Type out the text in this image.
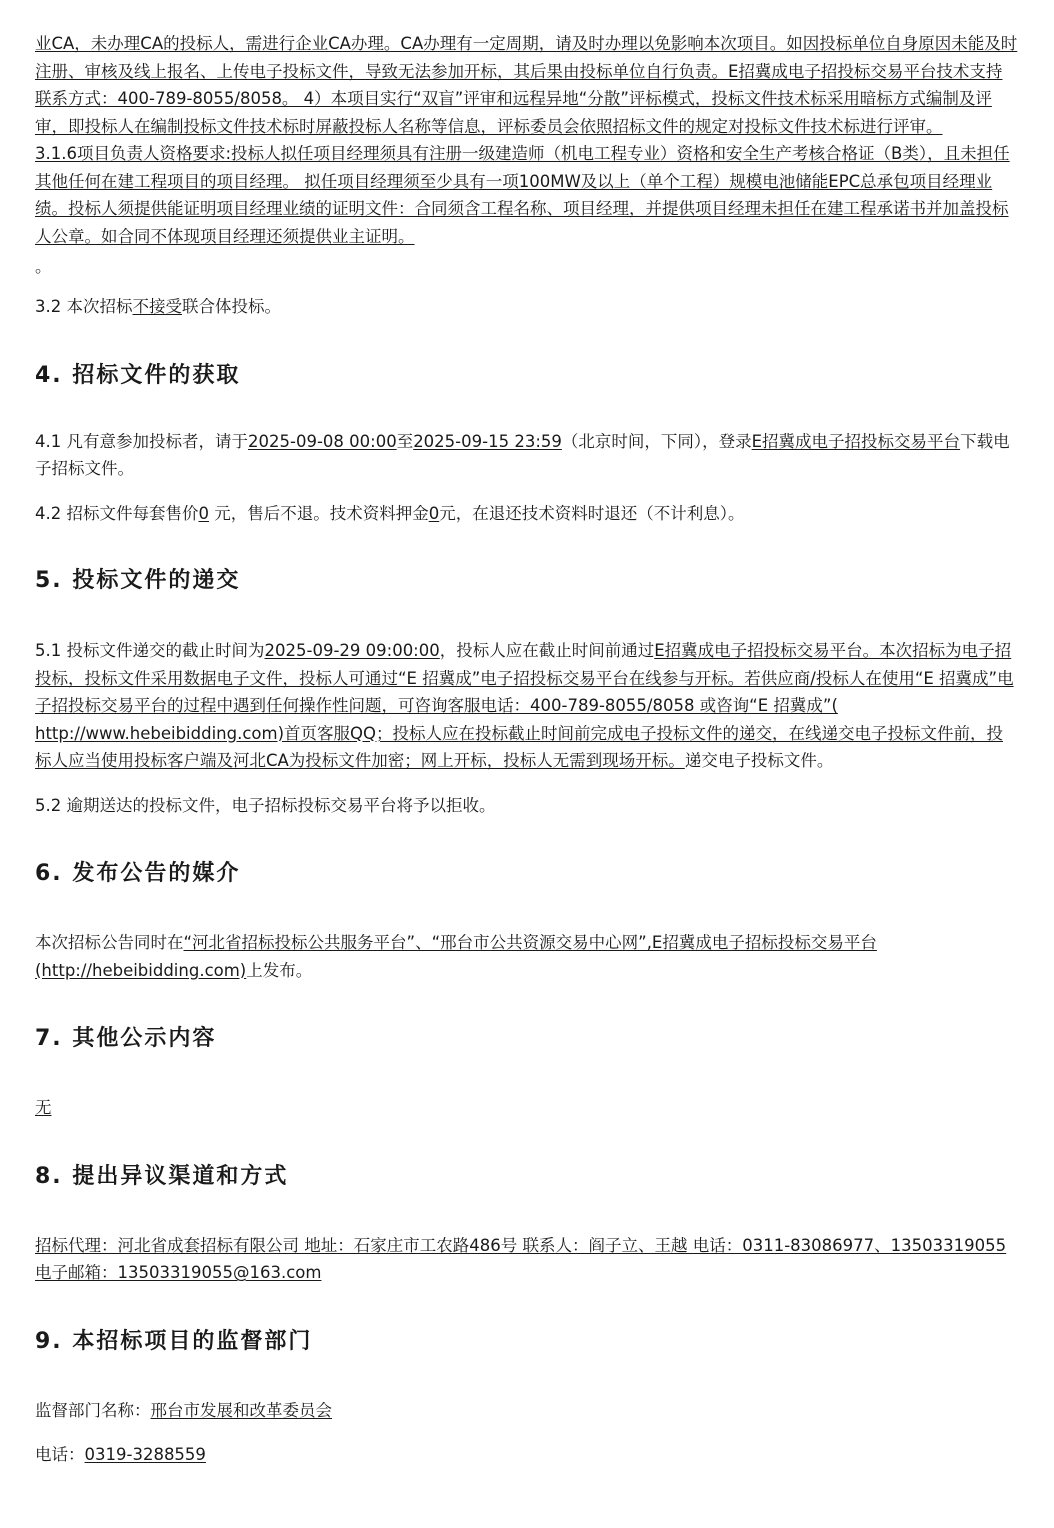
业CA，未办理CA的投标人，需进行企业CA办理。CA办理有一定周期，请及时办理以免影响本次项目。如因投标单位自身原因未能及时注册、审核及线上报名、上传电子投标文件，导致无法参加开标，其后果由投标单位自行负责。E招冀成电子招投标交易平台技术支持联系方式：400-789-8055/8058。 4）本项目实行“双盲”评审和远程异地“分散”评标模式，投标文件技术标采用暗标方式编制及评审，即投标人在编制投标文件技术标时屏蔽投标人名称等信息，评标委员会依照招标文件的规定对投标文件技术标进行评审。

3.1.6项目负责人资格要求:投标人拟任项目经理须具有注册一级建造师（机电工程专业）资格和安全生产考核合格证（B类），且未担任其他任何在建工程项目的项目经理。 拟任项目经理须至少具有一项100MW及以上（单个工程）规模电池储能EPC总承包项目经理业绩。投标人须提供能证明项目经理业绩的证明文件：合同须含工程名称、项目经理，并提供项目经理未担任在建工程承诺书并加盖投标人公章。如合同不体现项目经理还须提供业主证明。

。

3.2 本次招标不接受联合体投标。

4. 招标文件的获取

4.1 凡有意参加投标者，请于2025-09-08 00:00至2025-09-15 23:59（北京时间，下同），登录E招冀成电子招投标交易平台下载电子招标文件。

4.2 招标文件每套售价0 元，售后不退。技术资料押金0元，在退还技术资料时退还（不计利息）。

5. 投标文件的递交

5.1 投标文件递交的截止时间为2025-09-29 09:00:00，投标人应在截止时间前通过E招冀成电子招投标交易平台。本次招标为电子招投标，投标文件采用数据电子文件，投标人可通过“E 招冀成”电子招投标交易平台在线参与开标。若供应商/投标人在使用“E 招冀成”电子招投标交易平台的过程中遇到任何操作性问题，可咨询客服电话：400-789-8055/8058 或咨询“E 招冀成”( http://www.hebeibidding.com)首页客服QQ；投标人应在投标截止时间前完成电子投标文件的递交，在线递交电子投标文件前，投标人应当使用投标客户端及河北CA为投标文件加密；网上开标，投标人无需到现场开标。递交电子投标文件。

5.2 逾期送达的投标文件，电子招标投标交易平台将予以拒收。

6. 发布公告的媒介

本次招标公告同时在“河北省招标投标公共服务平台”、“邢台市公共资源交易中心网”,E招冀成电子招标投标交易平台(http://hebeibidding.com)上发布。

7. 其他公示内容

无

8. 提出异议渠道和方式

招标代理：河北省成套招标有限公司 地址：石家庄市工农路486号 联系人：阎子立、王越 电话：0311-83086977、13503319055 电子邮箱：13503319055@163.com

9. 本招标项目的监督部门

监督部门名称：邢台市发展和改革委员会

电话：0319-3288559
